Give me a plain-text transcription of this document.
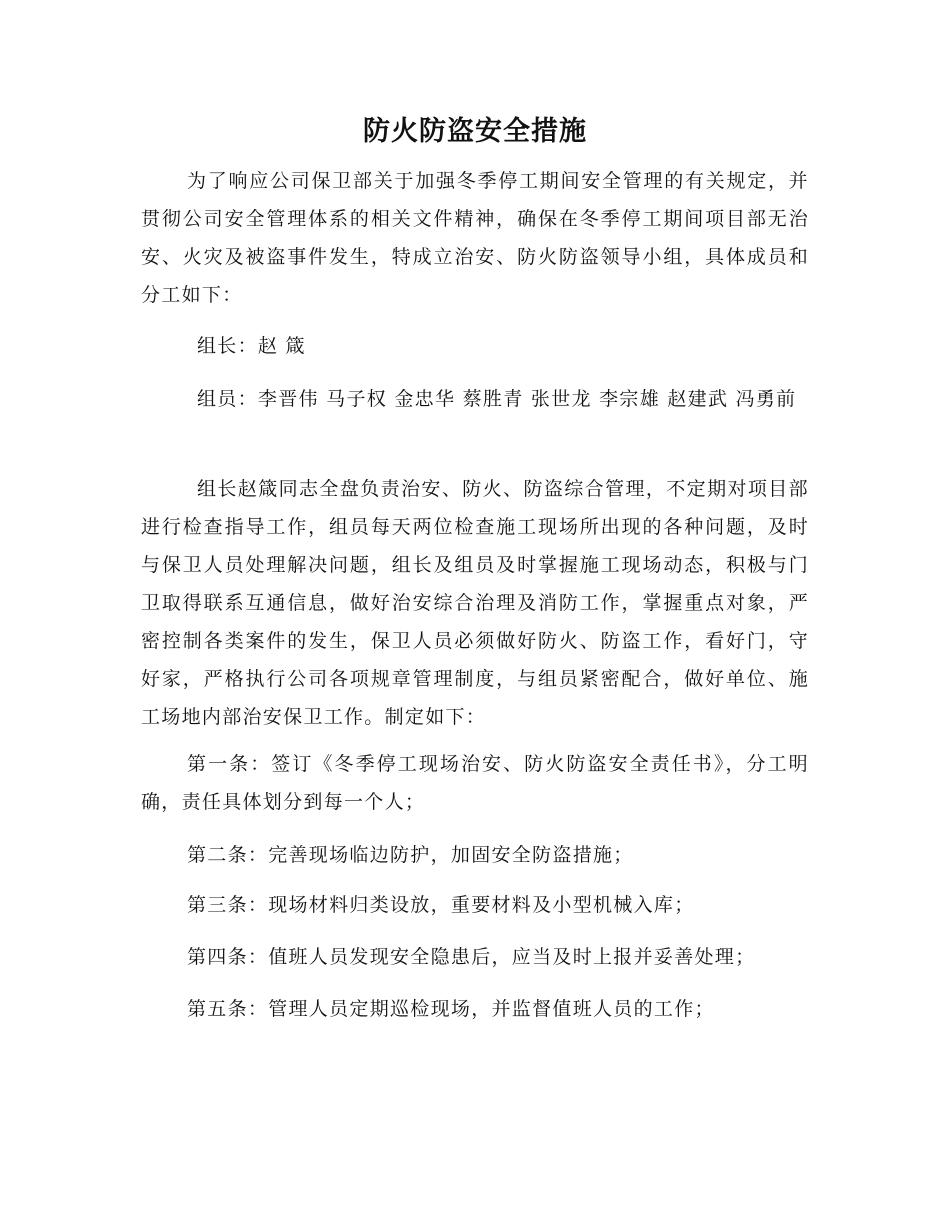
防火防盗安全措施

为了响应公司保卫部关于加强冬季停工期间安全管理的有关规定，并贯彻公司安全管理体系的相关文件精神，确保在冬季停工期间项目部无治安、火灾及被盗事件发生，特成立治安、防火防盗领导小组，具体成员和分工如下：

组长：赵 箴

组员：李晋伟 马子权 金忠华 蔡胜青 张世龙 李宗雄 赵建武 冯勇前

组长赵箴同志全盘负责治安、防火、防盗综合管理，不定期对项目部进行检查指导工作，组员每天两位检查施工现场所出现的各种问题，及时与保卫人员处理解决问题，组长及组员及时掌握施工现场动态，积极与门卫取得联系互通信息，做好治安综合治理及消防工作，掌握重点对象，严密控制各类案件的发生，保卫人员必须做好防火、防盗工作，看好门，守好家，严格执行公司各项规章管理制度，与组员紧密配合，做好单位、施工场地内部治安保卫工作。制定如下：

第一条：签订《冬季停工现场治安、防火防盗安全责任书》，分工明确，责任具体划分到每一个人；

第二条：完善现场临边防护，加固安全防盗措施；

第三条：现场材料归类设放，重要材料及小型机械入库；

第四条：值班人员发现安全隐患后，应当及时上报并妥善处理；

第五条：管理人员定期巡检现场，并监督值班人员的工作；
